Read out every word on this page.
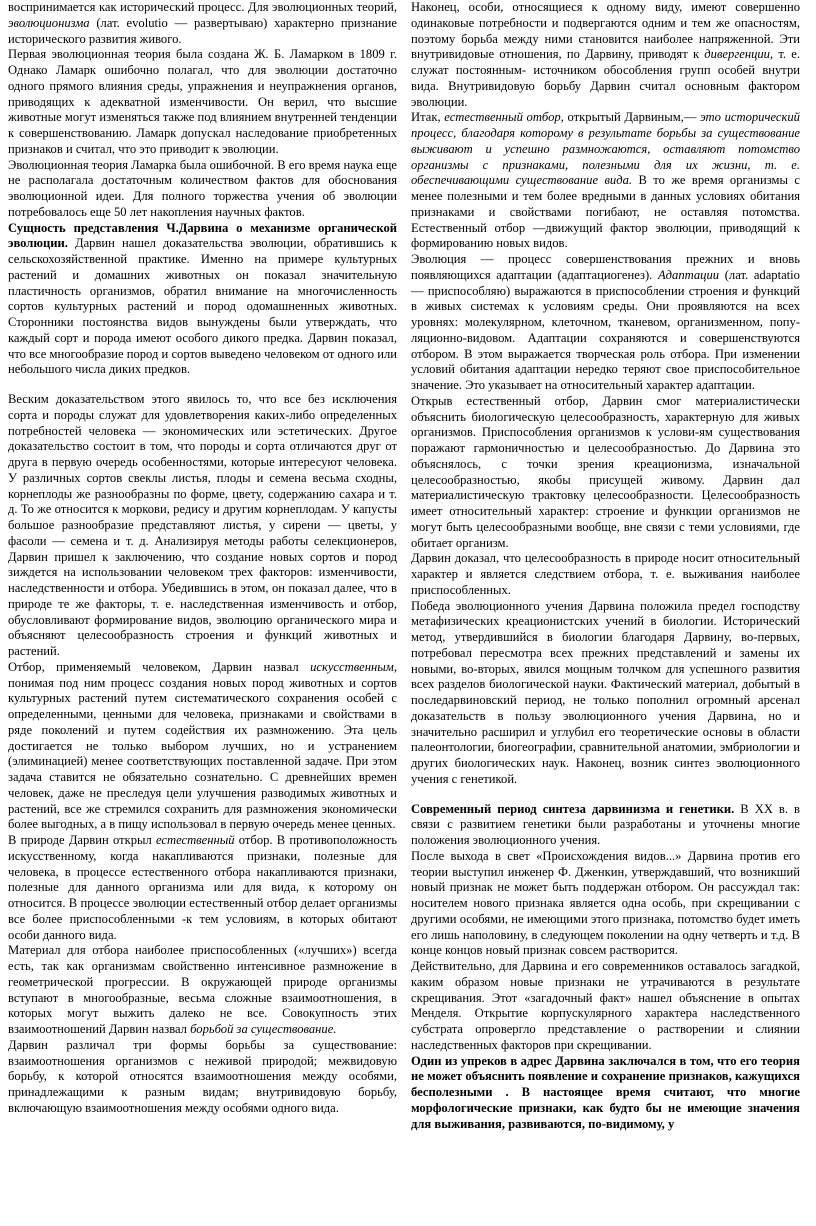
воспринимается как исторический процесс. Для эволюционных теорий, эволюционизма (лат. evolutio — развертываю) характерно признание исторического развития живого.

Первая эволюционная теория была создана Ж. Б. Ламарком в 1809 г. Однако Ламарк ошибочно полагал, что для эволюции достаточно одного прямого влияния среды, упражнения и неупражнения органов, приводящих к адекватной изменчивости. Он верил, что высшие животные могут изменяться также под влиянием внутренней тенденции к совершенствованию. Ламарк допускал наследование приобретенных признаков и считал, что это приводит к эволюции.

Эволюционная теория Ламарка была ошибочной. В его время наука еще не располагала достаточным количеством фактов для обоснования эволюционной идеи. Для полного торжества учения об эволюции потребовалось еще 50 лет накопления научных фактов.

Сущность представления Ч.Дарвина о механизме органической эволюции. Дарвин нашел доказательства эволюции, обратившись к сельскохозяйственной практике. Именно на примере культурных растений и домашних животных он показал значительную пластичность организмов, обратил внимание на многочисленность сортов культурных растений и пород одомашненных животных. Сторонники постоянства видов вынуждены были утверждать, что каждый сорт и порода имеют особого дикого предка. Дарвин показал, что все многообразие пород и сортов выведено человеком от одного или небольшого числа диких предков.

Веским доказательством этого явилось то, что все без исключения сорта и породы служат для удовлетворения каких-либо определенных потребностей человека — экономических или эстетических. Другое доказательство состоит в том, что породы и сорта отличаются друг от друга в первую очередь особенностями, которые интересуют человека. У различных сортов свеклы листья, плоды и семена весьма сходны, корнеплоды же разнообразны по форме, цвету, содержанию сахара и т. д. То же относится к моркови, редису и другим корнеплодам. У капусты большое разнообразие представляют листья, у сирени — цветы, у фасоли — семена и т. д. Анализируя методы работы селекционеров, Дарвин пришел к заключению, что создание новых сортов и пород зиждется на использовании человеком трех факторов: изменчивости, наследственности и отбора. Убедившись в этом, он показал далее, что в природе те же факторы, т. е. наследственная изменчивость и отбор, обусловливают формирование видов, эволюцию органического мира и объясняют целесообразность строения и функций животных и растений.

Отбор, применяемый человеком, Дарвин назвал искусственным, понимая под ним процесс создания новых пород животных и сортов культурных растений путем систематического сохранения особей с определенными, ценными для человека, признаками и свойствами в ряде поколений и путем содействия их размножению. Эта цель достигается не только выбором лучших, но и устранением (элиминацией) менее соответствующих поставленной задаче. При этом задача ставится не обязательно сознательно. С древнейших времен человек, даже не преследуя цели улучшения разводимых животных и растений, все же стремился сохранить для размножения экономически более выгодных, а в пищу использовал в первую очередь менее ценных.

В природе Дарвин открыл естественный отбор. В противоположность искусственному, когда накапливаются признаки, полезные для человека, в процессе естественного отбора накапливаются признаки, полезные для данного организма или для вида, к которому он относится. В процессе эволюции естественный отбор делает организмы все более приспособленными -к тем условиям, в которых обитают особи данного вида.

Материал для отбора наиболее приспособленных («лучших») всегда есть, так как организмам свойственно интенсивное размножение в геометрической прогрессии. В окружающей природе организмы вступают в многообразные, весьма сложные взаимоотношения, в которых могут выжить далеко не все. Совокупность этих взаимоотношений Дарвин назвал борьбой за существование.

Дарвин различал три формы борьбы за существование: взаимоотношения организмов с неживой природой; межвидовую борьбу, к которой относятся взаимоотношения между особями, принадлежащими к разным видам; внутривидовую борьбу, включающую взаимоотношения между особями одного вида.

Наконец, особи, относящиеся к одному виду, имеют совершенно одинаковые потребности и подвергаются одним и тем же опасностям, поэтому борьба между ними становится наиболее напряженной. Эти внутривидовые отношения, по Дарвину, приводят к дивергенции, т. е. служат постоянным- источником обособления групп особей внутри вида. Внутривидовую борьбу Дарвин считал основным фактором эволюции.

Итак, естественный отбор, открытый Дарвиным,— это исторический процесс, благодаря которому в результате борьбы за существование выживают и успешно размножаются, оставляют потомство организмы с признаками, полезными для их жизни, т. е. обеспечивающими существование вида. В то же время организмы с менее полезными и тем более вредными в данных условиях обитания признаками и свойствами погибают, не оставляя потомства. Естественный отбор —движущий фактор эволюции, приводящий к формированию новых видов.

Эволюция — процесс совершенствования прежних и вновь появляющихся адаптации (адаптациогенез). Адаптации (лат. adaptatio— приспособляю) выражаются в приспособлении строения и функций в живых системах к условиям среды. Они проявляются на всех уровнях: молекулярном, клеточном, тканевом, организменном, попу-ляционно-видовом. Адаптации сохраняются и совершенствуются отбором. В этом выражается творческая роль отбора. При изменении условий обитания адаптации нередко теряют свое приспособительное значение. Это указывает на относительный характер адаптации.

Открыв естественный отбор, Дарвин смог материалистически объяснить биологическую целесообразность, характерную для живых организмов. Приспособления организмов к услови-ям существования поражают гармоничностью и целесообразностью. До Дарвина это объяснялось, с точки зрения креационизма, изначальной целесообразностью, якобы присущей живому. Дарвин дал материалистическую трактовку целесообразности. Целесообразность имеет относительный характер: строение и функции организмов не могут быть целесообразными вообще, вне связи с теми условиями, где обитает организм.

Дарвин доказал, что целесообразность в природе носит относительный характер и является следствием отбора, т. е. выживания наиболее приспособленных.

Победа эволюционного учения Дарвина положила предел господству метафизических креационистских учений в биологии. Исторический метод, утвердившийся в биологии благодаря Дарвину, во-первых, потребовал пересмотра всех прежних представлений и замены их новыми, во-вторых, явился мощным толчком для успешного развития всех разделов биологической науки. Фактический материал, добытый в последарвиновский период, не только пополнил огромный арсенал доказательств в пользу эволюционного учения Дарвина, но и значительно расширил и углубил его теоретические основы в области палеонтологии, биогеографии, сравнительной анатомии, эмбриологии и других биологических наук. Наконец, возник синтез эволюционного учения с генетикой.

Современный период синтеза дарвинизма и генетики. В XX в. в связи с развитием генетики были разработаны и уточнены многие положения эволюционного учения.

После выхода в свет «Происхождения видов...» Дарвина против его теории выступил инженер Ф. Дженкин, утверждавший, что возникший новый признак не может быть поддержан отбором. Он рассуждал так: носителем нового признака является одна особь, при скрещивании с другими особями, не имеющими этого признака, потомство будет иметь его лишь наполовину, в следующем поколении на одну четверть и т.д. В конце концов новый признак совсем растворится.

Действительно, для Дарвина и его современников оставалось загадкой, каким образом новые признаки не утрачиваются в результате скрещивания. Этот «загадочный факт» нашел объяснение в опытах Менделя. Открытие корпускулярного характера наследственного субстрата опровергло представление о растворении и слиянии наследственных факторов при скрещивании.

Один из упреков в адрес Дарвина заключался в том, что его теория не может объяснить появление и сохранение признаков, кажущихся бесполезными . В настоящее время считают, что многие морфологические признаки, как будто бы не имеющие значения для выживания, развиваются, по-видимому, у
